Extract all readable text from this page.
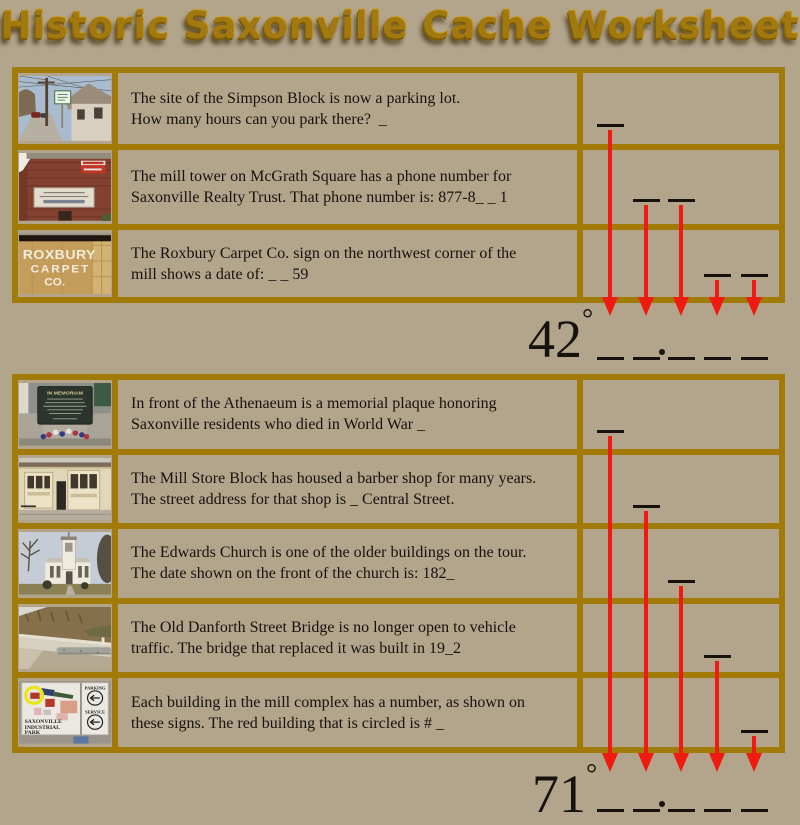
Historic Saxonville Cache Worksheet
The site of the Simpson Block is now a parking lot.
How many hours can you park there?  _
The mill tower on McGrath Square has a phone number for
Saxonville Realty Trust. That phone number is: 877-8_ _ 1
ROXBURY
CARPET
CO.
The Roxbury Carpet Co. sign on the northwest corner of the
mill shows a date of: _ _ 59
IN MEMORIAM
In front of the Athenaeum is a memorial plaque honoring
Saxonville residents who died in World War _
The Mill Store Block has housed a barber shop for many years.
The street address for that shop is _ Central Street.
The Edwards Church is one of the older buildings on the tour.
The date shown on the front of the church is: 182_
The Old Danforth Street Bridge is no longer open to vehicle
traffic. The bridge that replaced it was built in 19_2
SAXONVILLE
INDUSTRIAL
PARK
PARKING
SERVICE
Each building in the mill complex has a number, as shown on
these signs. The red building that is circled is # _
42 °
71 °
